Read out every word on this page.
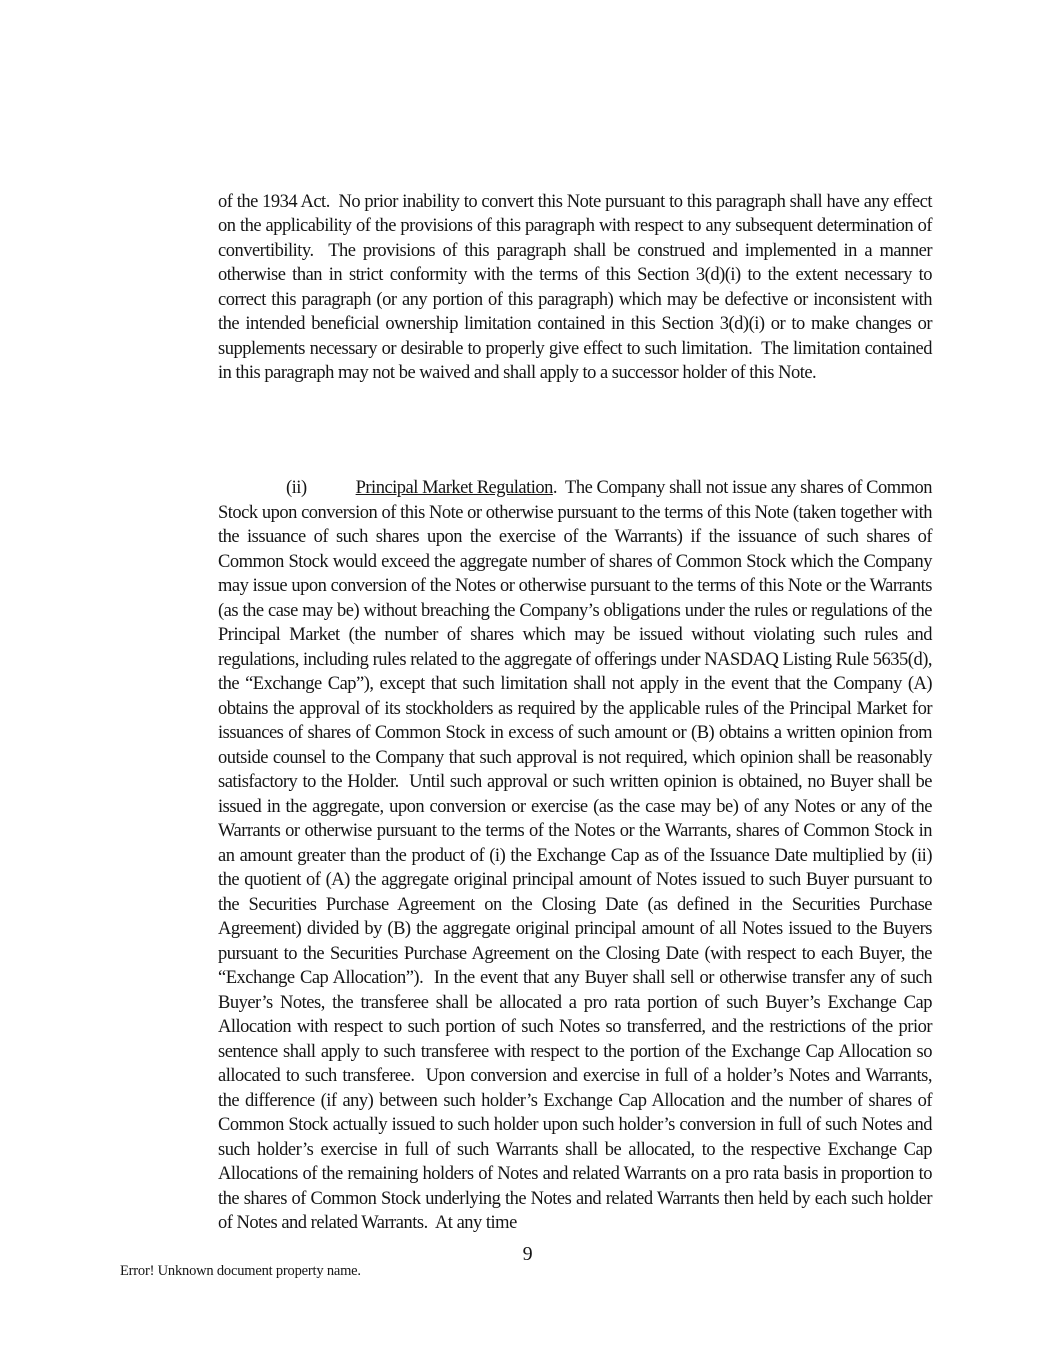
of the 1934 Act.  No prior inability to convert this Note pursuant to this paragraph shall have any effect on the applicability of the provisions of this paragraph with respect to any subsequent determination of convertibility.  The provisions of this paragraph shall be construed and implemented in a manner otherwise than in strict conformity with the terms of this Section 3(d)(i) to the extent necessary to correct this paragraph (or any portion of this paragraph) which may be defective or inconsistent with the intended beneficial ownership limitation contained in this Section 3(d)(i) or to make changes or supplements necessary or desirable to properly give effect to such limitation.  The limitation contained in this paragraph may not be waived and shall apply to a successor holder of this Note.

(ii)	Principal Market Regulation.  The Company shall not issue any shares of Common Stock upon conversion of this Note or otherwise pursuant to the terms of this Note (taken together with the issuance of such shares upon the exercise of the Warrants) if the issuance of such shares of Common Stock would exceed the aggregate number of shares of Common Stock which the Company may issue upon conversion of the Notes or otherwise pursuant to the terms of this Note or the Warrants (as the case may be) without breaching the Company’s obligations under the rules or regulations of the Principal Market (the number of shares which may be issued without violating such rules and regulations, including rules related to the aggregate of offerings under NASDAQ Listing Rule 5635(d), the “Exchange Cap”), except that such limitation shall not apply in the event that the Company (A) obtains the approval of its stockholders as required by the applicable rules of the Principal Market for issuances of shares of Common Stock in excess of such amount or (B) obtains a written opinion from outside counsel to the Company that such approval is not required, which opinion shall be reasonably satisfactory to the Holder.  Until such approval or such written opinion is obtained, no Buyer shall be issued in the aggregate, upon conversion or exercise (as the case may be) of any Notes or any of the Warrants or otherwise pursuant to the terms of the Notes or the Warrants, shares of Common Stock in an amount greater than the product of (i) the Exchange Cap as of the Issuance Date multiplied by (ii) the quotient of (A) the aggregate original principal amount of Notes issued to such Buyer pursuant to the Securities Purchase Agreement on the Closing Date (as defined in the Securities Purchase Agreement) divided by (B) the aggregate original principal amount of all Notes issued to the Buyers pursuant to the Securities Purchase Agreement on the Closing Date (with respect to each Buyer, the “Exchange Cap Allocation”).  In the event that any Buyer shall sell or otherwise transfer any of such Buyer’s Notes, the transferee shall be allocated a pro rata portion of such Buyer’s Exchange Cap Allocation with respect to such portion of such Notes so transferred, and the restrictions of the prior sentence shall apply to such transferee with respect to the portion of the Exchange Cap Allocation so allocated to such transferee.  Upon conversion and exercise in full of a holder’s Notes and Warrants, the difference (if any) between such holder’s Exchange Cap Allocation and the number of shares of Common Stock actually issued to such holder upon such holder’s conversion in full of such Notes and such holder’s exercise in full of such Warrants shall be allocated, to the respective Exchange Cap Allocations of the remaining holders of Notes and related Warrants on a pro rata basis in proportion to the shares of Common Stock underlying the Notes and related Warrants then held by each such holder of Notes and related Warrants.  At any time

9
Error! Unknown document property name.
